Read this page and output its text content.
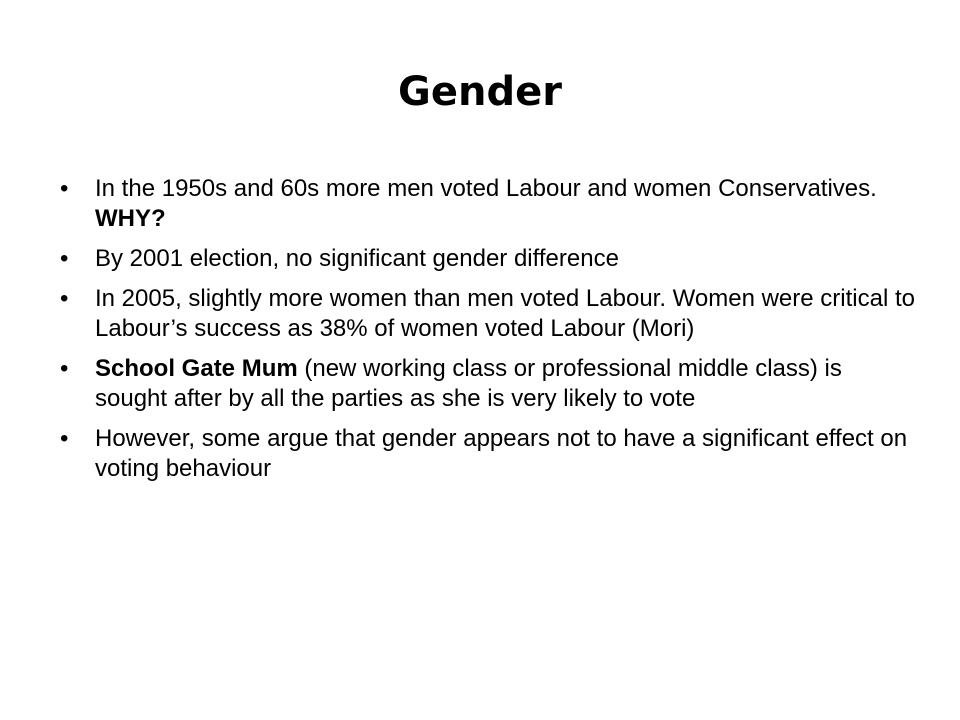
Gender
• In the 1950s and 60s more men voted Labour and women Conservatives.   WHY?
• By 2001 election, no significant gender difference
• In 2005, slightly more women than men voted Labour. Women were critical to Labour’s success as 38% of women voted Labour (Mori)
• School Gate Mum (new working class or professional middle class) is sought after by all the parties as she is very likely to vote
• However, some argue that gender appears not to have a significant effect on voting behaviour
